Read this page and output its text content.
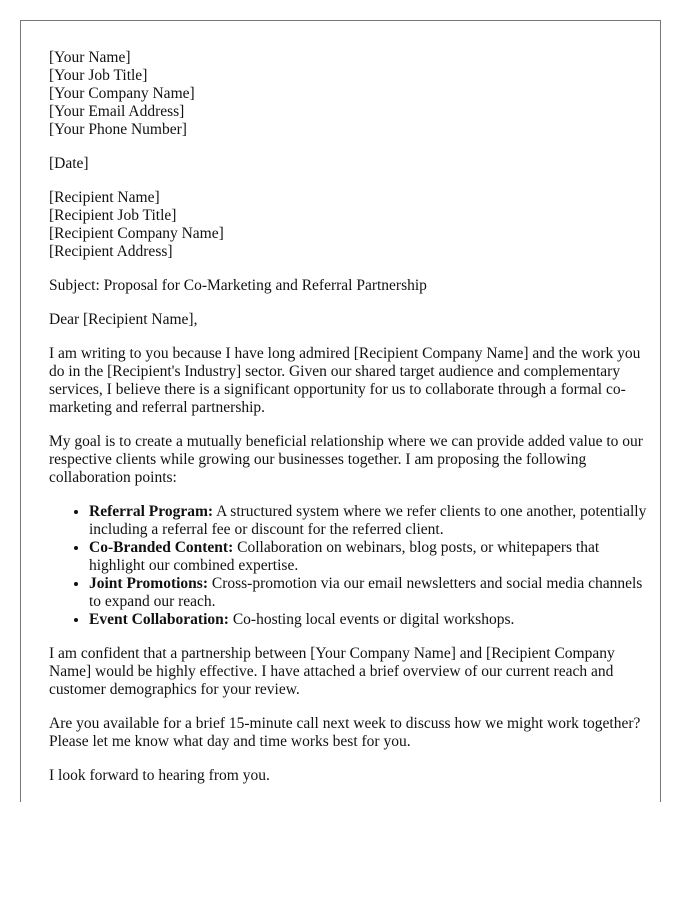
[Your Name]
[Your Job Title]
[Your Company Name]
[Your Email Address]
[Your Phone Number]
[Date]
[Recipient Name]
[Recipient Job Title]
[Recipient Company Name]
[Recipient Address]

Subject: Proposal for Co-Marketing and Referral Partnership

Dear [Recipient Name],

I am writing to you because I have long admired [Recipient Company Name] and the work you do in the [Recipient's Industry] sector. Given our shared target audience and complementary services, I believe there is a significant opportunity for us to collaborate through a formal co-marketing and referral partnership.

My goal is to create a mutually beneficial relationship where we can provide added value to our respective clients while growing our businesses together. I am proposing the following collaboration points:

• Referral Program: A structured system where we refer clients to one another, potentially including a referral fee or discount for the referred client.
• Co-Branded Content: Collaboration on webinars, blog posts, or whitepapers that highlight our combined expertise.
• Joint Promotions: Cross-promotion via our email newsletters and social media channels to expand our reach.
• Event Collaboration: Co-hosting local events or digital workshops.

I am confident that a partnership between [Your Company Name] and [Recipient Company Name] would be highly effective. I have attached a brief overview of our current reach and customer demographics for your review.

Are you available for a brief 15-minute call next week to discuss how we might work together? Please let me know what day and time works best for you.

I look forward to hearing from you.
